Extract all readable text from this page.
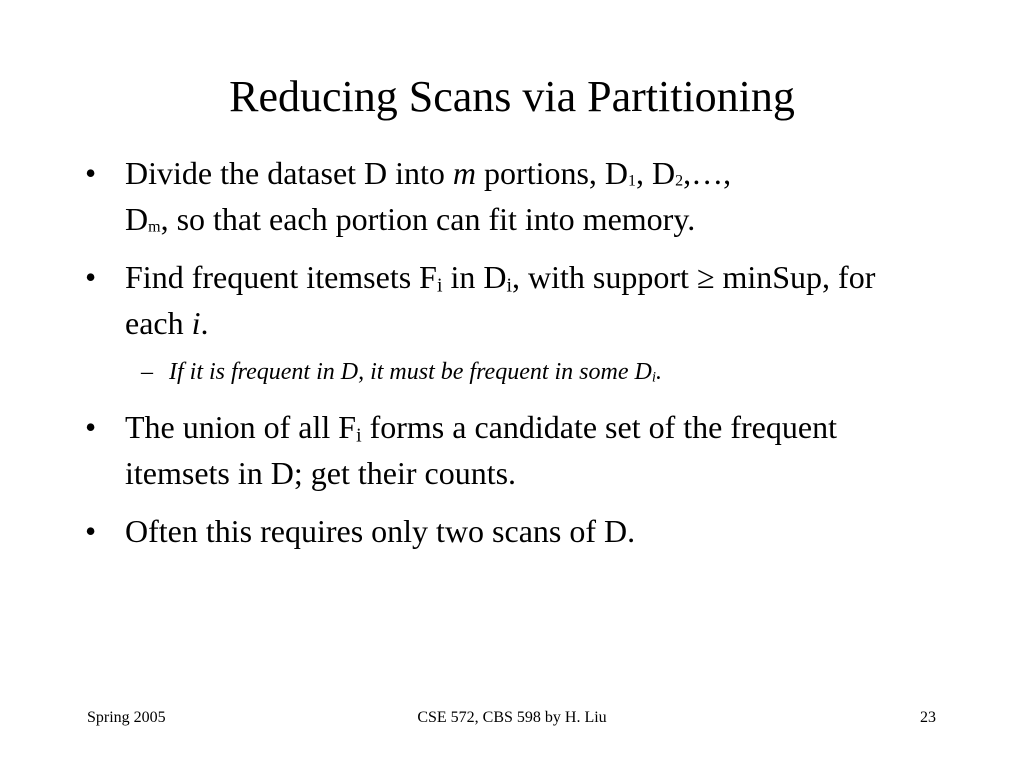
Reducing Scans via Partitioning
• Divide the dataset D into m portions, D1, D2,…,
Dm, so that each portion can fit into memory.
• Find frequent itemsets Fi in Di, with support ≥ minSup, for each i.
– If it is frequent in D, it must be frequent in some Di.
• The union of all Fi forms a candidate set of the frequent itemsets in D; get their counts.
• Often this requires only two scans of D.
Spring 2005	CSE 572, CBS 598 by H. Liu	23
